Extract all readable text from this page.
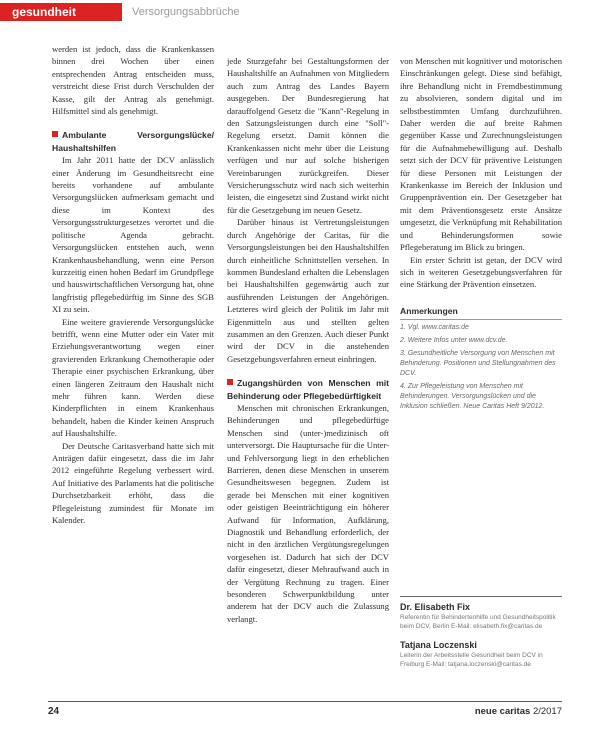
gesundheit	Versorgungsabbrüche

werden ist jedoch, dass die Krankenkassen binnen drei Wochen über einen entsprechenden Antrag entscheiden muss, verstreicht diese Frist durch Verschulden der Kasse, gilt der Antrag als genehmigt. Hilfsmittel sind als genehmigt.

Ambulante Versorgungslücke/ Haushaltshilfen

Im Jahr 2011 hatte der DCV anlässlich einer Änderung im Gesundheitsrecht eine bereits vorhandene auf ambulante Versorgungslücken aufmerksam gemacht und diese im Kontext des Versorgungsstrukturgesetzes verortet und die politische Agenda gebracht. Versorgungslücken entstehen auch, wenn Krankenhausbehandlung, wenn eine Person kurzzeitig einen hohen Bedarf im Grundpflege und hauswirtschaftlichen Versorgung hat, ohne langfristig pflegebedürftig im Sinne des SGB XI zu sein.

Eine weitere gravierende Versorgungslücke betrifft, wenn eine Mutter oder ein Vater mit Erziehungsverantwortung wegen einer gravierenden Erkrankung Chemotherapie oder Therapie einer psychischen Erkrankung, über einen längeren Zeitraum den Haushalt nicht mehr führen kann. Werden diese Kinderpflichten in einem Krankenhaus behandelt, haben die Kinder keinen Anspruch auf Haushaltshilfe.

Der Deutsche Caritasverband hatte sich mit Anträgen dafür eingesetzt, dass die im Jahr 2012 eingeführte Regelung verbessert wird. Auf Initiative des Parlaments hat die politische Durchsetzbarkeit erhöht, dass die Pflegeleistung zumindest für Monate im Kalender.

jede Sturzgefahr bei Gestaltungsformen der Haushaltshilfe an Aufnahmen von Mitgliedern auch zum Antrag des Landes Bayern ausgegeben. Der Bundesregierung hat darauffolgend Gesetz die "Kann"-Regelung in den Satzungsleistungen durch eine "Soll"-Regelung ersetzt. Damit können die Krankenkassen nicht mehr über die Leistung verfügen und nur auf solche bisherigen Vereinbarungen zurückgreifen. Dieser Versicherungsschutz wird nach sich weiterhin leisten, die eingesetzt sind Zustand wirkt nicht für die Gesetzgebung im neuen Gesetz.

Darüber hinaus ist Vertretungsleistungen durch Angehörige der Caritas, für die Versorgungsleistungen bei den Haushaltshilfen durch einheitliche Schnittstellen versehen. In kommen Bundesland erhalten die Lebenslagen bei Haushaltshilfen gegenwärtig auch zur ausführenden Leistungen der Angehörigen. Letzteres wird gleich der Politik im Jahr mit Eigenmitteln aus und stellten gelten zusammen an den Grenzen. Auch dieser Punkt wird der DCV in die anstehenden Gesetzgebungsverfahren erneut einbringen.

Zugangshürden von Menschen mit Behinderung oder Pflegebedürftigkeit

Menschen mit chronischen Erkrankungen, Behinderungen und pflegebedürftige Menschen sind (unter-)medizinisch oft unterversorgt. Die Hauptursache für die Unter- und Fehlversorgung liegt in den erheblichen Barrieren, denen diese Menschen in unserem Gesundheitswesen begegnen. Zudem ist gerade bei Menschen mit einer kognitiven oder geistigen Beeinträchtigung ein höherer Aufwand für Information, Aufklärung, Diagnostik und Behandlung erforderlich, der nicht in den ärztlichen Vergütungsregelungen vorgesehen ist. Dadurch hat sich der DCV dafür eingesetzt, dieser Mehraufwand auch in der Vergütung Rechnung zu tragen. Einer besonderen Schwerpunktbildung unter anderem hat der DCV auch die Zulassung verlangt.

von Menschen mit kognitiver und motorischen Einschränkungen gelegt. Diese sind befähigt, ihre Behandlung nicht in Fremdbestimmung zu absolvieren, sondern digital und im selbstbestimmten Umfang durchzuführen. Daher werden die auf breite Rahmen gegenüber Kasse und Zurechnungsleistungen für die Aufnahmebewilligung auf. Deshalb setzt sich der DCV für präventive Leistungen für diese Personen mit Leistungen der Krankenkasse im Bereich der Inklusion und Gruppenprävention ein. Der Gesetzgeber hat mit dem Präventionsgesetz erste Ansätze umgesetzt, die Verknüpfung mit Rehabilitation und Behinderungsformen sowie Pflegeberatung im Blick zu bringen.

Ein erster Schritt ist getan, der DCV wird sich in weiteren Gesetzgebungsverfahren für eine Stärkung der Prävention einsetzen.

Anmerkungen

1. Vgl. www.caritas.de

2. Weitere Infos unter www.dcv.de.

3. Gesundheitliche Versorgung von Menschen mit Behinderung. Positionen und Stellungnahmen des DCV.

4. Zur Pflegeleistung von Menschen mit Behinderungen. Versorgungslücken und die Inklusion schließen. Neue Caritas Heft 9/2012.

Dr. Elisabeth Fix
Referentin für Behindertenhilfe und Gesundheitspolitik beim DCV, Berlin E-Mail: elisabeth.fix@caritas.de
Tatjana Loczenski
Leiterin der Arbeitsstelle Gesundheit beim DCV in Freiburg E-Mail: tatjana.loczenski@caritas.de
24	neue caritas 2/2017
